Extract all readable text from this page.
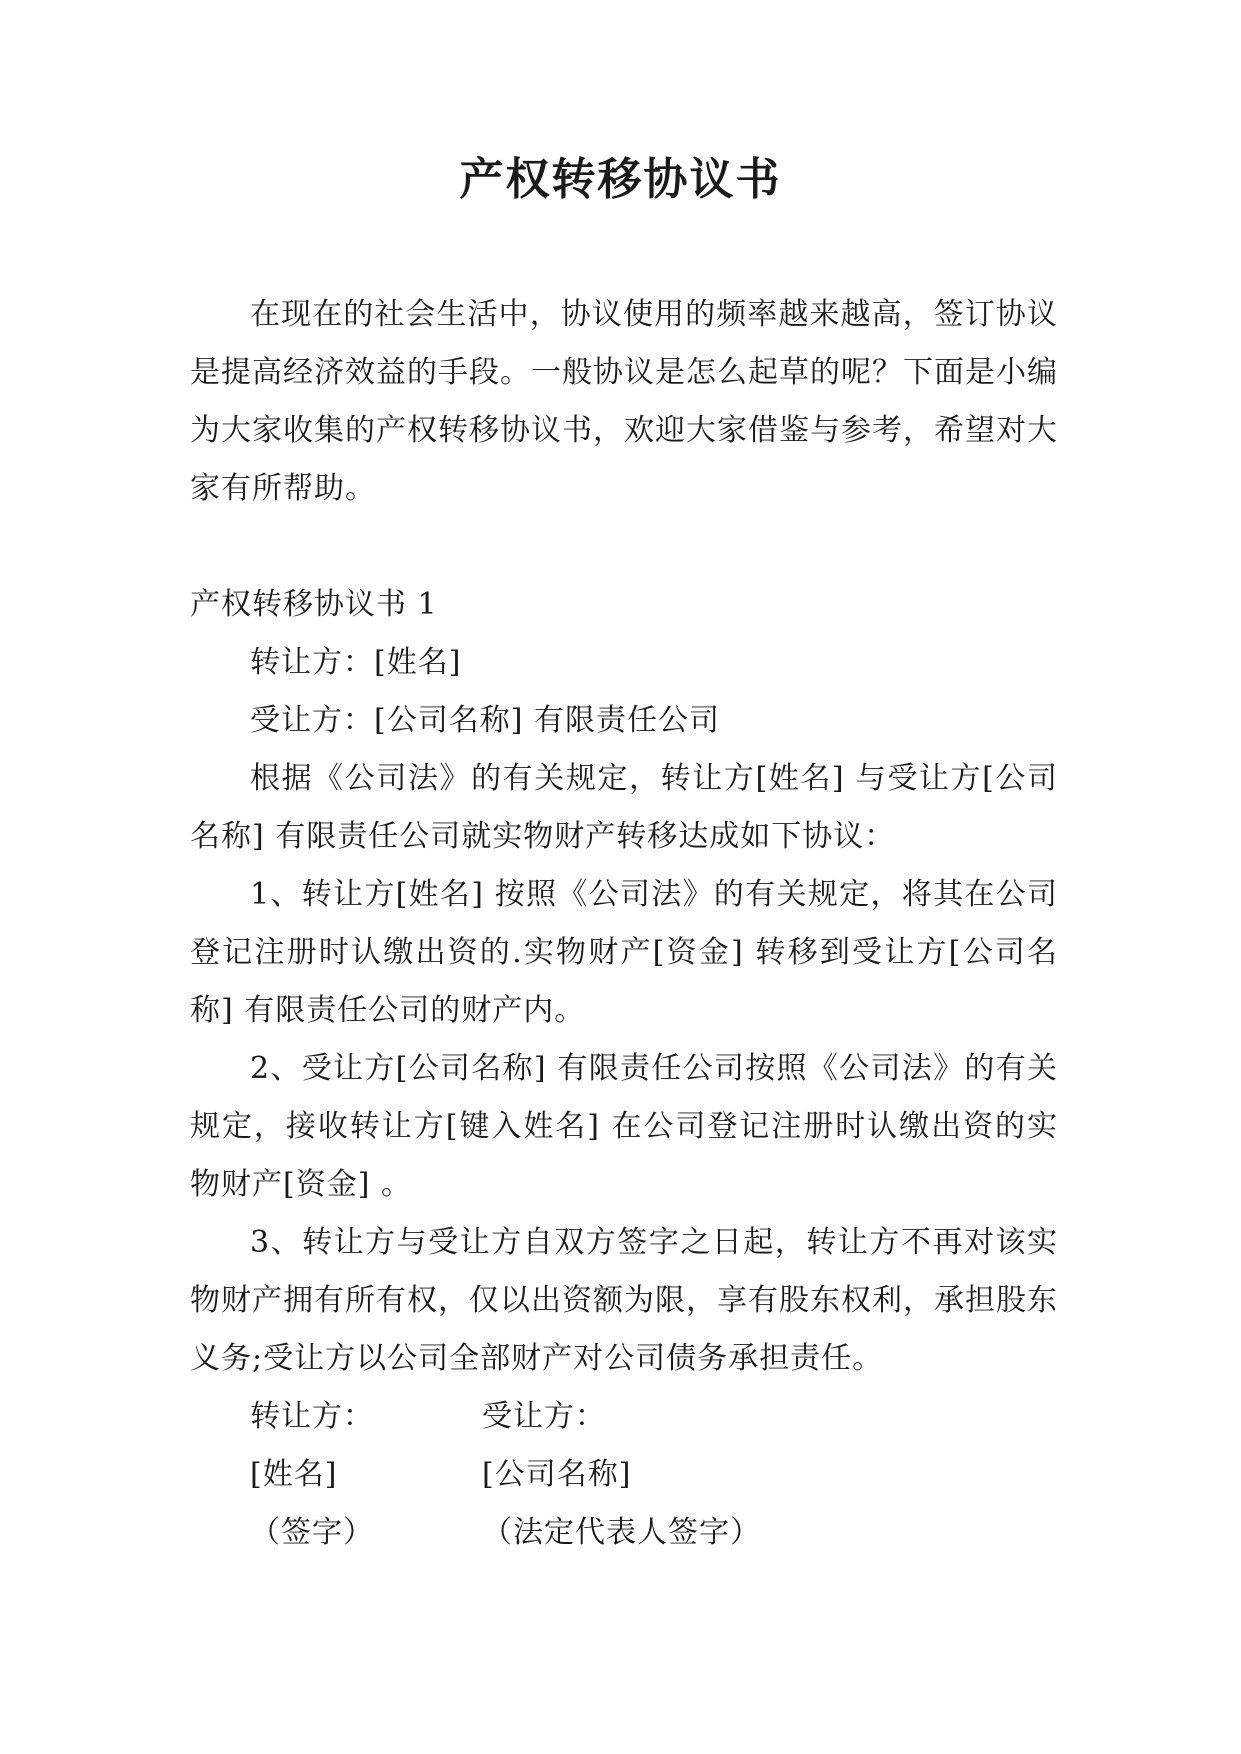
产权转移协议书

在现在的社会生活中，协议使用的频率越来越高，签订协议是提高经济效益的手段。一般协议是怎么起草的呢？下面是小编为大家收集的产权转移协议书，欢迎大家借鉴与参考，希望对大家有所帮助。

产权转移协议书 1

转让方：[姓名]

受让方：[公司名称] 有限责任公司

根据《公司法》的有关规定，转让方[姓名] 与受让方[公司名称] 有限责任公司就实物财产转移达成如下协议：

1、转让方[姓名] 按照《公司法》的有关规定，将其在公司登记注册时认缴出资的.实物财产[资金] 转移到受让方[公司名称] 有限责任公司的财产内。

2、受让方[公司名称] 有限责任公司按照《公司法》的有关规定，接收转让方[键入姓名] 在公司登记注册时认缴出资的实物财产[资金] 。

3、转让方与受让方自双方签字之日起，转让方不再对该实物财产拥有所有权，仅以出资额为限，享有股东权利，承担股东义务;受让方以公司全部财产对公司债务承担责任。

转让方：	受让方：
[姓名]	[公司名称]
（签字）	（法定代表人签字）
